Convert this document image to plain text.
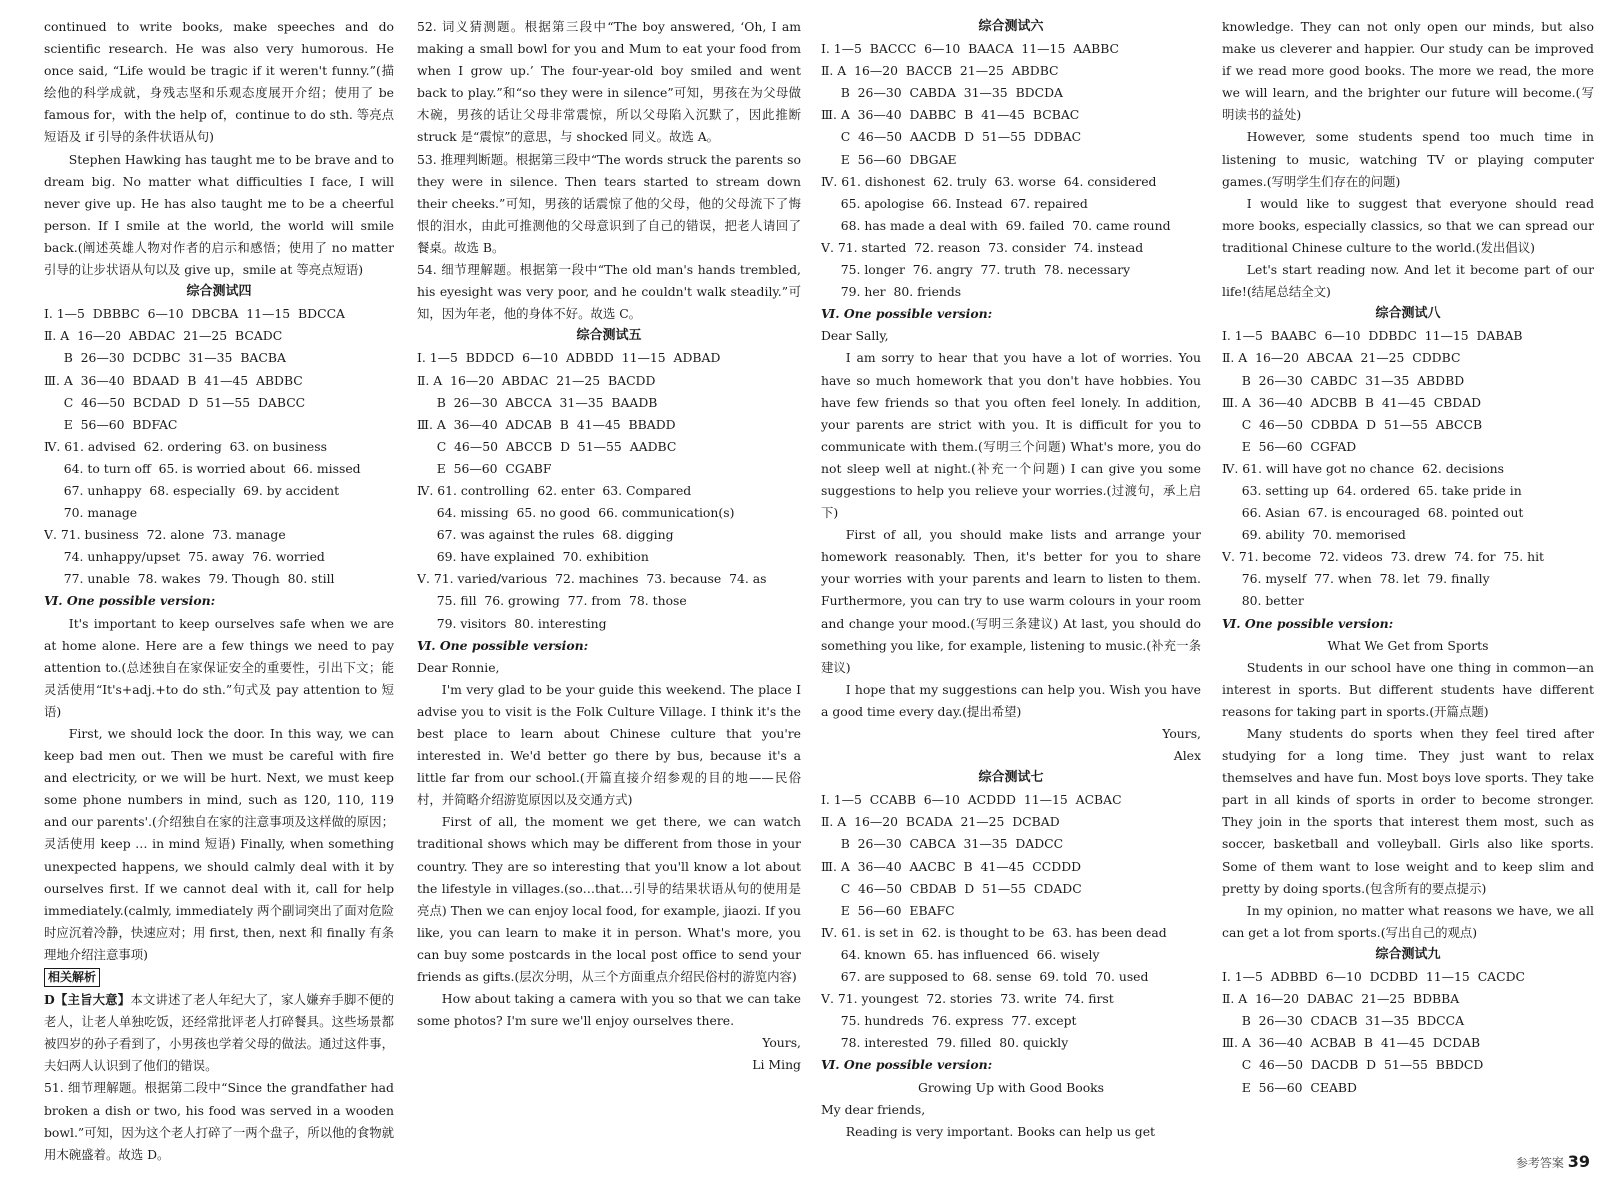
continued to write books, make speeches and do scientific research. He was also very humorous. He once said, “Life would be tragic if it weren't funny.”(描绘他的科学成就，身残志坚和乐观态度展开介绍；使用了 be famous for，with the help of，continue to do sth. 等亮点短语及 if 引导的条件状语从句)

Stephen Hawking has taught me to be brave and to dream big. No matter what difficulties I face, I will never give up. He has also taught me to be a cheerful person. If I smile at the world, the world will smile back.(阐述英雄人物对作者的启示和感悟；使用了 no matter 引导的让步状语从句以及 give up，smile at 等亮点短语)

综合测试四

Ⅰ. 1—5  DBBBC  6—10  DBCBA  11—15  BDCCA

Ⅱ. A  16—20  ABDAC  21—25  BCADC

B  26—30  DCDBC  31—35  BACBA

Ⅲ. A  36—40  BDAAD  B  41—45  ABDBC

C  46—50  BCDAD  D  51—55  DABCC

E  56—60  BDFAC

Ⅳ. 61. advised  62. ordering  63. on business

64. to turn off  65. is worried about  66. missed

67. unhappy  68. especially  69. by accident

70. manage

Ⅴ. 71. business  72. alone  73. manage

74. unhappy/upset  75. away  76. worried

77. unable  78. wakes  79. Though  80. still

Ⅵ. One possible version:

It's important to keep ourselves safe when we are at home alone. Here are a few things we need to pay attention to.(总述独自在家保证安全的重要性，引出下文；能灵活使用“It's+adj.+to do sth.”句式及 pay attention to 短语)

First, we should lock the door. In this way, we can keep bad men out. Then we must be careful with fire and electricity, or we will be hurt. Next, we must keep some phone numbers in mind, such as 120, 110, 119 and our parents'.(介绍独自在家的注意事项及这样做的原因；灵活使用 keep … in mind 短语) Finally, when something unexpected happens, we should calmly deal with it by ourselves first. If we cannot deal with it, call for help immediately.(calmly, immediately 两个副词突出了面对危险时应沉着冷静，快速应对；用 first, then, next 和 finally 有条理地介绍注意事项)

相关解析

D【主旨大意】本文讲述了老人年纪大了，家人嫌弃手脚不便的老人，让老人单独吃饭，还经常批评老人打碎餐具。这些场景都被四岁的孙子看到了，小男孩也学着父母的做法。通过这件事，夫妇两人认识到了他们的错误。

51. 细节理解题。根据第二段中“Since the grandfather had broken a dish or two, his food was served in a wooden bowl.”可知，因为这个老人打碎了一两个盘子，所以他的食物就用木碗盛着。故选 D。

52. 词义猜测题。根据第三段中“The boy answered, ‘Oh, I am making a small bowl for you and Mum to eat your food from when I grow up.’ The four-year-old boy smiled and went back to play.”和“so they were in silence”可知，男孩在为父母做木碗，男孩的话让父母非常震惊，所以父母陷入沉默了，因此推断 struck 是“震惊”的意思，与 shocked 同义。故选 A。

53. 推理判断题。根据第三段中“The words struck the parents so they were in silence. Then tears started to stream down their cheeks.”可知，男孩的话震惊了他的父母，他的父母流下了悔恨的泪水，由此可推测他的父母意识到了自己的错误，把老人请回了餐桌。故选 B。

54. 细节理解题。根据第一段中“The old man's hands trembled, his eyesight was very poor, and he couldn't walk steadily.”可知，因为年老，他的身体不好。故选 C。

综合测试五

Ⅰ. 1—5  BDDCD  6—10  ADBDD  11—15  ADBAD

Ⅱ. A  16—20  ABDAC  21—25  BACDD

B  26—30  ABCCA  31—35  BAADB

Ⅲ. A  36—40  ADCAB  B  41—45  BBADD

C  46—50  ABCCB  D  51—55  AADBC

E  56—60  CGABF

Ⅳ. 61. controlling  62. enter  63. Compared

64. missing  65. no good  66. communication(s)

67. was against the rules  68. digging

69. have explained  70. exhibition

Ⅴ. 71. varied/various  72. machines  73. because  74. as

75. fill  76. growing  77. from  78. those

79. visitors  80. interesting

Ⅵ. One possible version:

Dear Ronnie,

I'm very glad to be your guide this weekend. The place I advise you to visit is the Folk Culture Village. I think it's the best place to learn about Chinese culture that you're interested in. We'd better go there by bus, because it's a little far from our school.(开篇直接介绍参观的目的地——民俗村，并简略介绍游览原因以及交通方式)

First of all, the moment we get there, we can watch traditional shows which may be different from those in your country. They are so interesting that you'll know a lot about the lifestyle in villages.(so…that…引导的结果状语从句的使用是亮点) Then we can enjoy local food, for example, jiaozi. If you like, you can learn to make it in person. What's more, you can buy some postcards in the local post office to send your friends as gifts.(层次分明，从三个方面重点介绍民俗村的游览内容)

How about taking a camera with you so that we can take some photos? I'm sure we'll enjoy ourselves there.

Yours,

Li Ming

综合测试六

Ⅰ. 1—5  BACCC  6—10  BAACA  11—15  AABBC

Ⅱ. A  16—20  BACCB  21—25  ABDBC

B  26—30  CABDA  31—35  BDCDA

Ⅲ. A  36—40  DABBC  B  41—45  BCBAC

C  46—50  AACDB  D  51—55  DDBAC

E  56—60  DBGAE

Ⅳ. 61. dishonest  62. truly  63. worse  64. considered

65. apologise  66. Instead  67. repaired

68. has made a deal with  69. failed  70. came round

Ⅴ. 71. started  72. reason  73. consider  74. instead

75. longer  76. angry  77. truth  78. necessary

79. her  80. friends

Ⅵ. One possible version:

Dear Sally,

I am sorry to hear that you have a lot of worries. You have so much homework that you don't have hobbies. You have few friends so that you often feel lonely. In addition, your parents are strict with you. It is difficult for you to communicate with them.(写明三个问题) What's more, you do not sleep well at night.(补充一个问题) I can give you some suggestions to help you relieve your worries.(过渡句，承上启下)

First of all, you should make lists and arrange your homework reasonably. Then, it's better for you to share your worries with your parents and learn to listen to them. Furthermore, you can try to use warm colours in your room and change your mood.(写明三条建议) At last, you should do something you like, for example, listening to music.(补充一条建议)

I hope that my suggestions can help you. Wish you have a good time every day.(提出希望)

Yours,

Alex

综合测试七

Ⅰ. 1—5  CCABB  6—10  ACDDD  11—15  ACBAC

Ⅱ. A  16—20  BCADA  21—25  DCBAD

B  26—30  CABCA  31—35  DADCC

Ⅲ. A  36—40  AACBC  B  41—45  CCDDD

C  46—50  CBDAB  D  51—55  CDADC

E  56—60  EBAFC

Ⅳ. 61. is set in  62. is thought to be  63. has been dead

64. known  65. has influenced  66. wisely

67. are supposed to  68. sense  69. told  70. used

Ⅴ. 71. youngest  72. stories  73. write  74. first

75. hundreds  76. express  77. except

78. interested  79. filled  80. quickly

Ⅵ. One possible version:

Growing Up with Good Books

My dear friends,

Reading is very important. Books can help us get

knowledge. They can not only open our minds, but also make us cleverer and happier. Our study can be improved if we read more good books. The more we read, the more we will learn, and the brighter our future will become.(写明读书的益处)

However, some students spend too much time in listening to music, watching TV or playing computer games.(写明学生们存在的问题)

I would like to suggest that everyone should read more books, especially classics, so that we can spread our traditional Chinese culture to the world.(发出倡议)

Let's start reading now. And let it become part of our life!(结尾总结全文)

综合测试八

Ⅰ. 1—5  BAABC  6—10  DDBDC  11—15  DABAB

Ⅱ. A  16—20  ABCAA  21—25  CDDBC

B  26—30  CABDC  31—35  ABDBD

Ⅲ. A  36—40  ADCBB  B  41—45  CBDAD

C  46—50  CDBDA  D  51—55  ABCCB

E  56—60  CGFAD

Ⅳ. 61. will have got no chance  62. decisions

63. setting up  64. ordered  65. take pride in

66. Asian  67. is encouraged  68. pointed out

69. ability  70. memorised

Ⅴ. 71. become  72. videos  73. drew  74. for  75. hit

76. myself  77. when  78. let  79. finally

80. better

Ⅵ. One possible version:

What We Get from Sports

Students in our school have one thing in common—an interest in sports. But different students have different reasons for taking part in sports.(开篇点题)

Many students do sports when they feel tired after studying for a long time. They just want to relax themselves and have fun. Most boys love sports. They take part in all kinds of sports in order to become stronger. They join in the sports that interest them most, such as soccer, basketball and volleyball. Girls also like sports. Some of them want to lose weight and to keep slim and pretty by doing sports.(包含所有的要点提示)

In my opinion, no matter what reasons we have, we all can get a lot from sports.(写出自己的观点)

综合测试九

Ⅰ. 1—5  ADBBD  6—10  DCDBD  11—15  CACDC

Ⅱ. A  16—20  DABAC  21—25  BDBBA

B  26—30  CDACB  31—35  BDCCA

Ⅲ. A  36—40  ACBAB  B  41—45  DCDAB

C  46—50  DACDB  D  51—55  BBDCD

E  56—60  CEABD

参考答案 39
